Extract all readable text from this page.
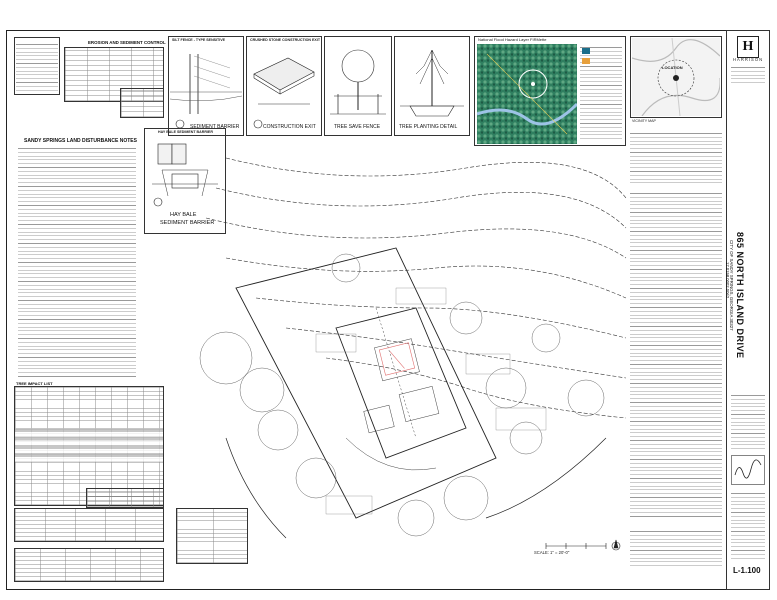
EROSION AND SEDIMENT CONTROL SILT FENCE - TYPE SENSITIVE
SEDIMENT BARRIER
CRUSHED STONE CONSTRUCTION EXIT
CONSTRUCTION EXIT	TREE SAVE FENCE	TREE PLANTING DETAIL
National Flood Hazard Layer FIRMette
LOCATION
VICINITY MAP
H
HARRISON
865 NORTH ISLAND DRIVE
CITY OF SANDY SPRINGS, GEORGIA 30327
17 0158 0002 0062
L-1.100
SANDY SPRINGS LAND DISTURBANCE NOTES
HAY BALE SEDIMENT BARRIER
HAY BALE
SEDIMENT BARRIER
TREE IMPACT LIST
SCALE: 1" = 20'-0"
